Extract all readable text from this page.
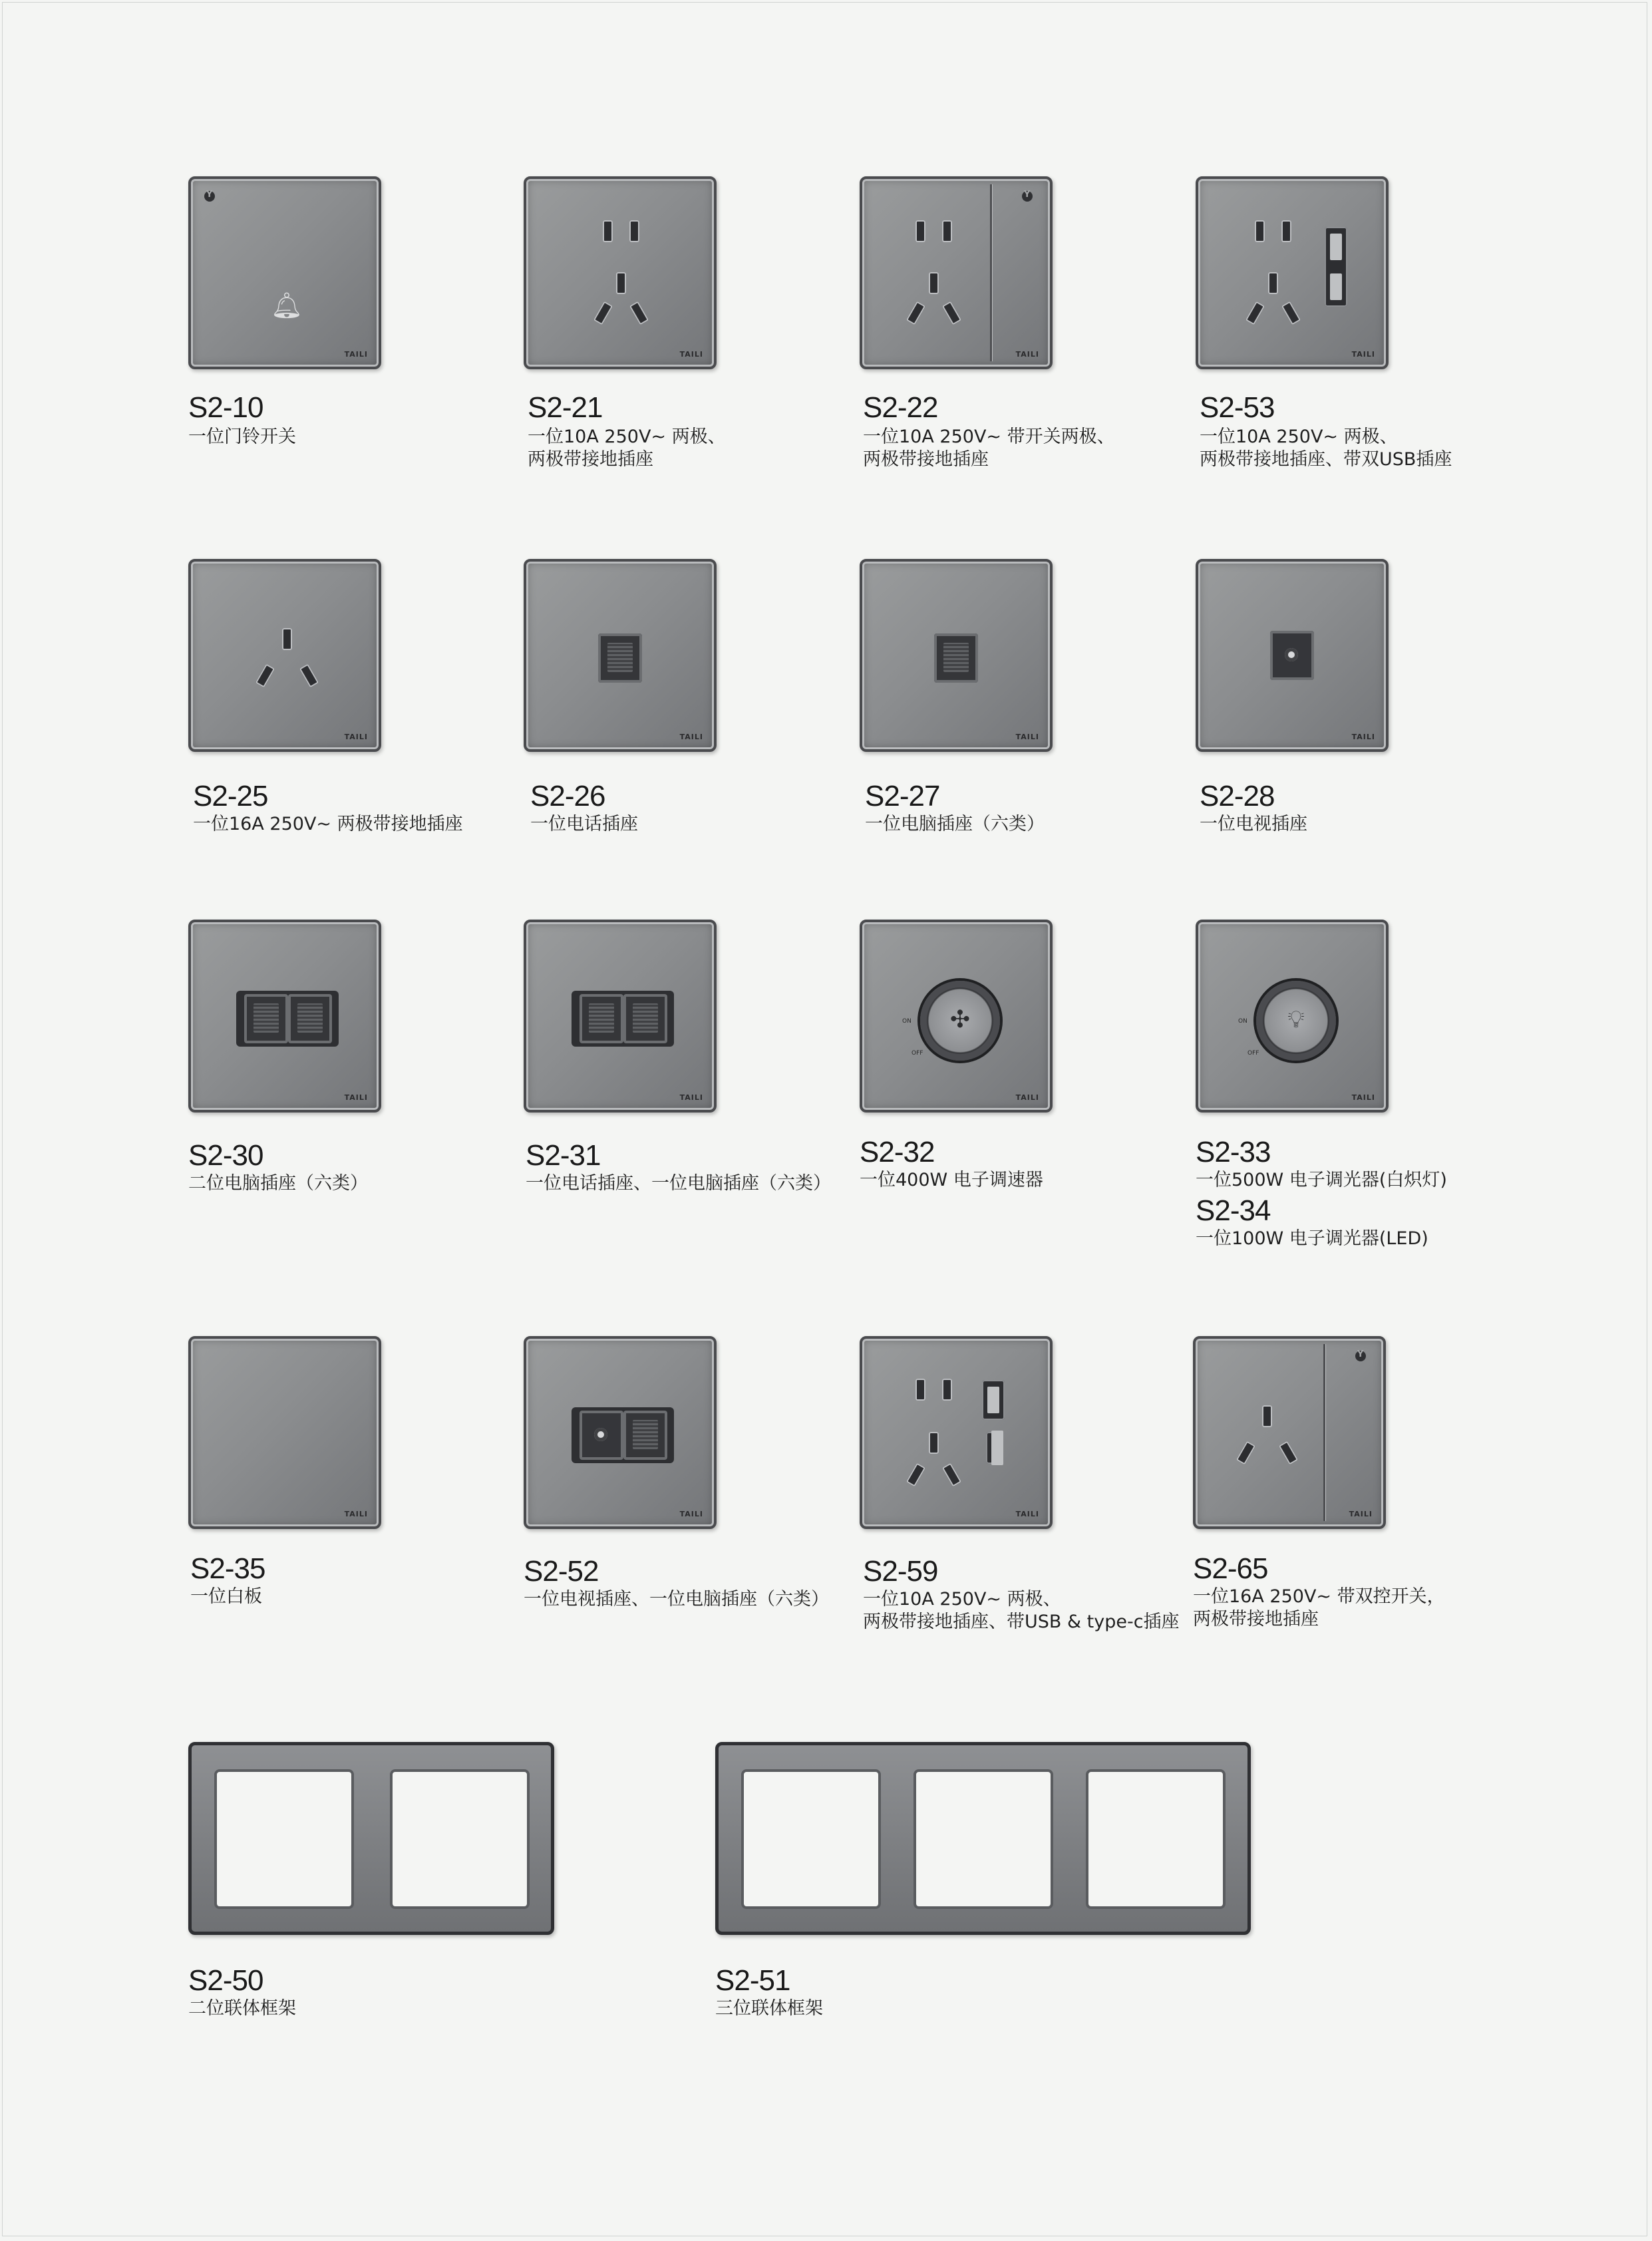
Y
🔔︎
TAILI
S2-10
一位门铃开关
TAILI
S2-21
一位10A 250V~ 两极、
两极带接地插座
Y
TAILI
S2-22
一位10A 250V~ 带开关两极、
两极带接地插座
TAILI
S2-53
一位10A 250V~ 两极、
两极带接地插座、带双USB插座
TAILI
S2-25
一位16A 250V~ 两极带接地插座
TAILI
S2-26
一位电话插座
TAILI
S2-27
一位电脑插座（六类）
TAILI
S2-28
一位电视插座
TAILI
S2-30
二位电脑插座（六类）
TAILI
S2-31
一位电话插座、一位电脑插座（六类）
ON
OFF
✣
TAILI
S2-32
一位400W 电子调速器
ON
OFF
💡︎
TAILI
S2-33
一位500W 电子调光器(白炽灯)
S2-34
一位100W 电子调光器(LED)
TAILI
S2-35
一位白板
TAILI
S2-52
一位电视插座、一位电脑插座（六类）
TAILI
S2-59
一位10A 250V~ 两极、
两极带接地插座、带USB & type-c插座
Y
TAILI
S2-65
一位16A 250V~ 带双控开关，
两极带接地插座
S2-50
二位联体框架
S2-51
三位联体框架
